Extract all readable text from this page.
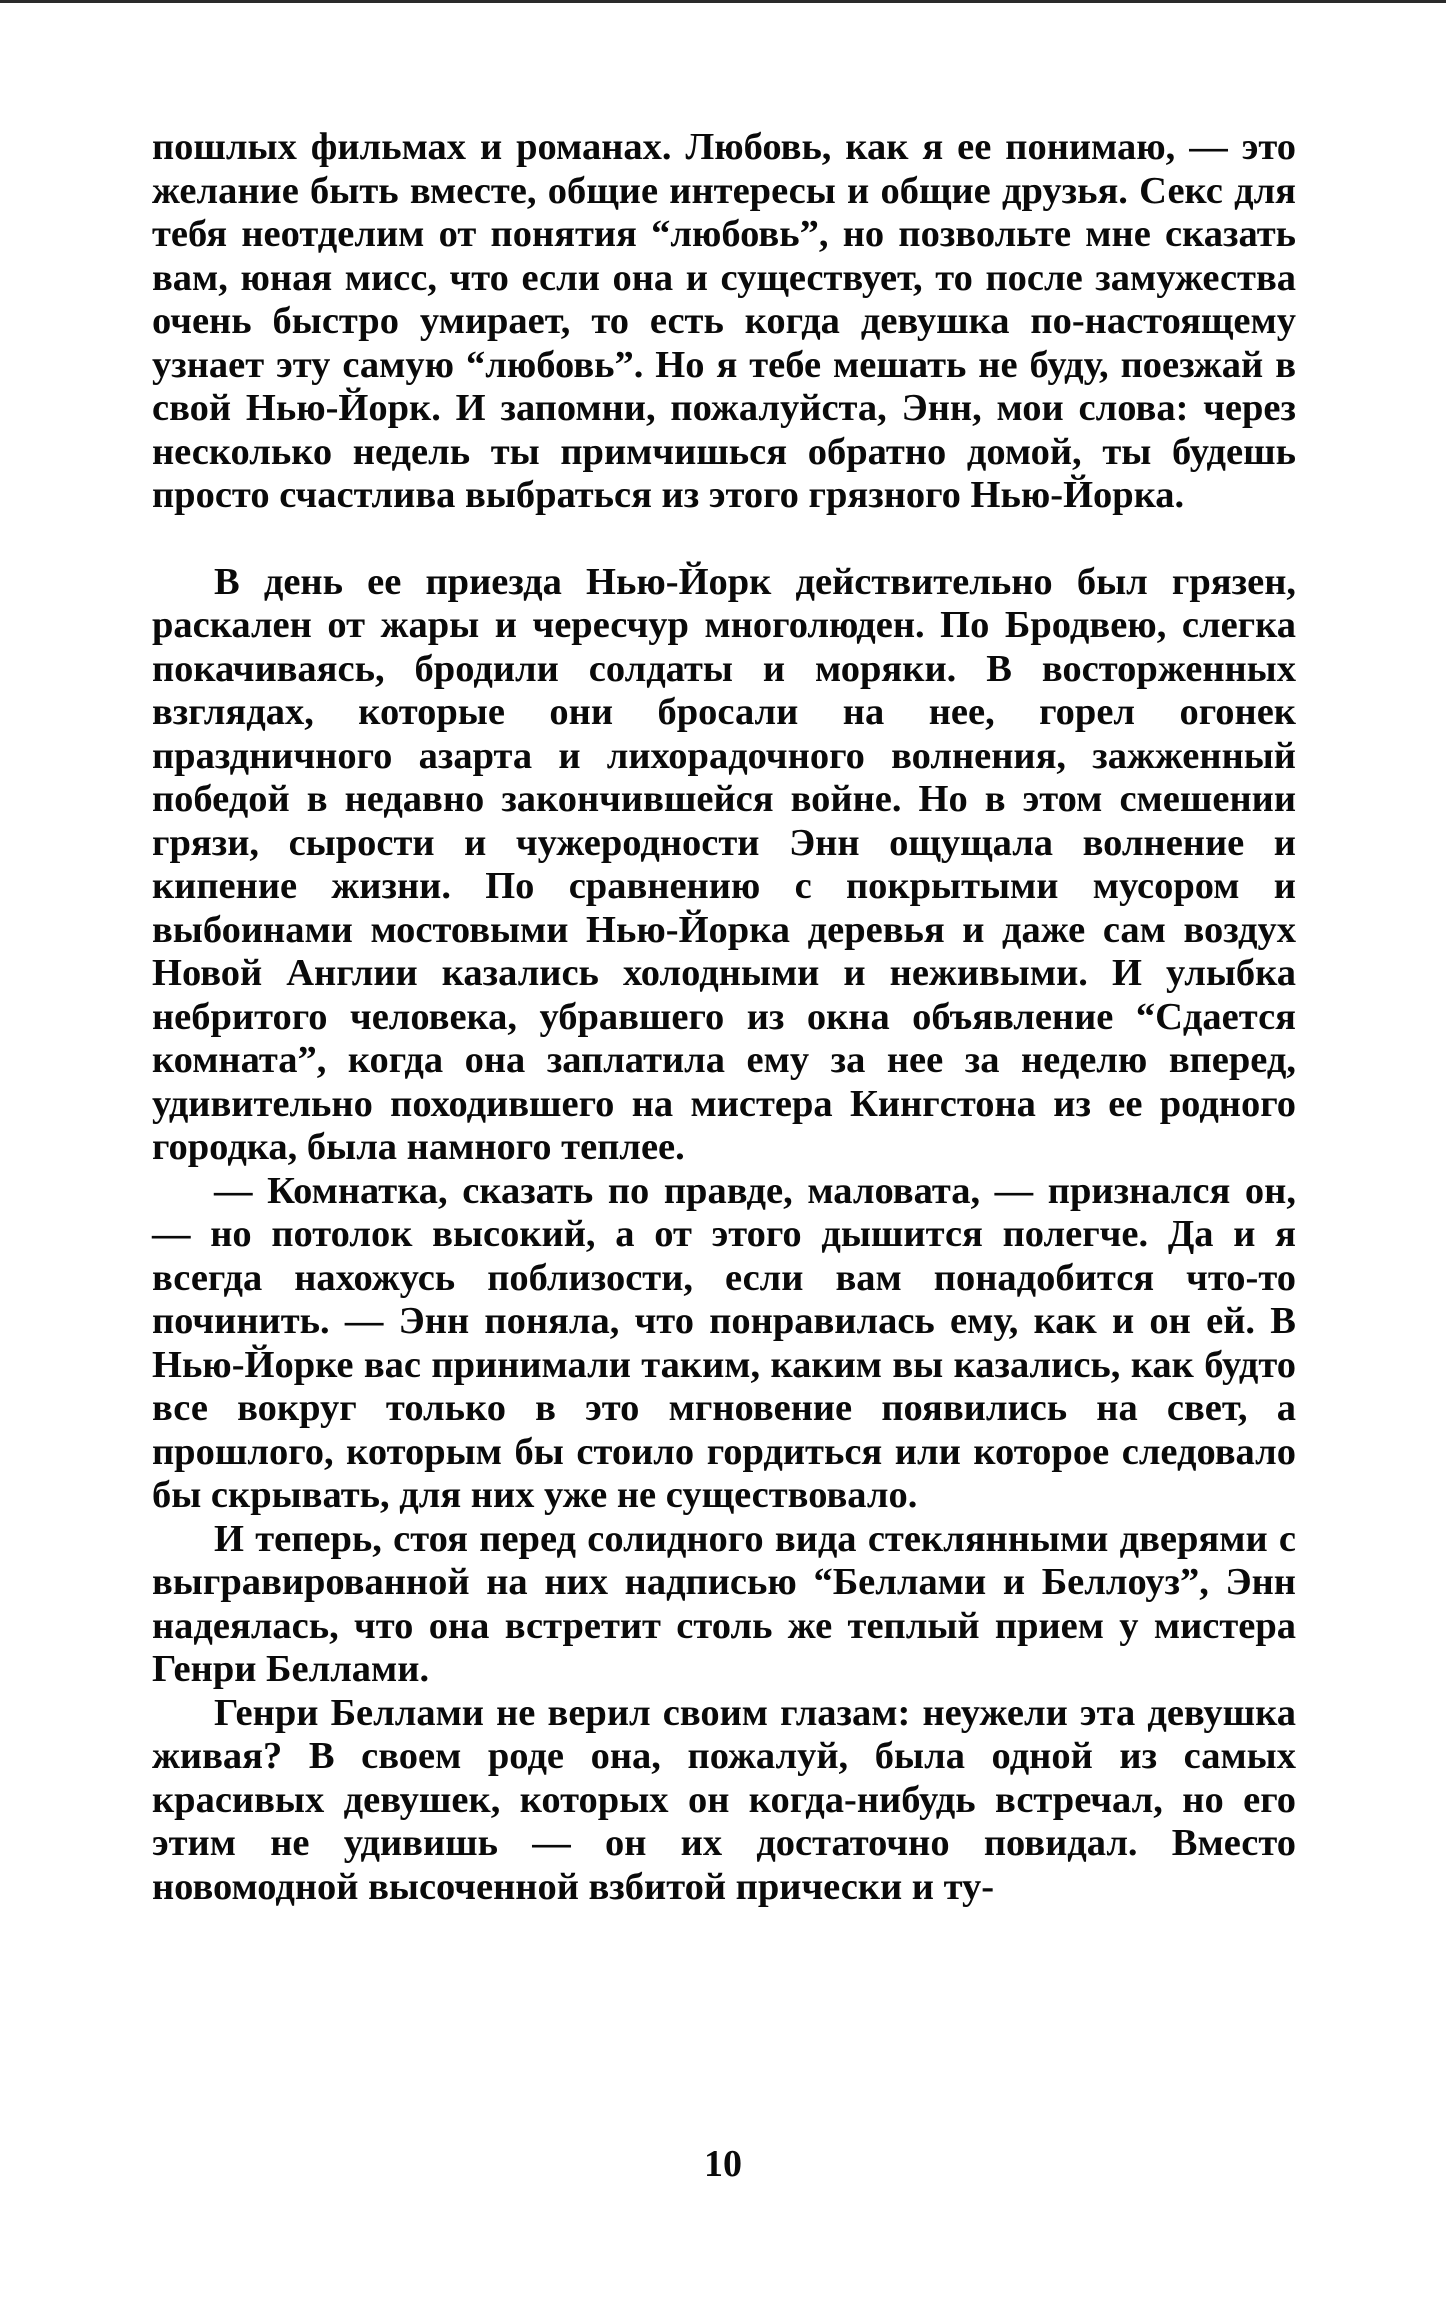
пошлых фильмах и романах. Любовь, как я ее понимаю, — это желание быть вместе, общие интересы и общие друзья. Секс для тебя неотделим от понятия “любовь”, но позвольте мне сказать вам, юная мисс, что если она и существует, то после замужества очень быстро умирает, то есть когда девушка по-настоящему узнает эту самую “любовь”. Но я тебе мешать не буду, поезжай в свой Нью-Йорк. И запомни, пожалуйста, Энн, мои слова: через несколько недель ты примчишься обратно домой, ты будешь просто счастлива выбраться из этого грязного Нью-Йорка.

В день ее приезда Нью-Йорк действительно был грязен, раскален от жары и чересчур многолюден. По Бродвею, слегка покачиваясь, бродили солдаты и моряки. В восторженных взглядах, которые они бросали на нее, горел огонек праздничного азарта и лихорадочного волнения, зажженный победой в недавно закончившейся войне. Но в этом смешении грязи, сырости и чужеродности Энн ощущала волнение и кипение жизни. По сравнению с покрытыми мусором и выбоинами мостовыми Нью-Йорка деревья и даже сам воздух Новой Англии казались холодными и неживыми. И улыбка небритого человека, убравшего из окна объявление “Сдается комната”, когда она заплатила ему за нее за неделю вперед, удивительно походившего на мистера Кингстона из ее родного городка, была намного теплее.

— Комнатка, сказать по правде, маловата, — признался он, — но потолок высокий, а от этого дышится полегче. Да и я всегда нахожусь поблизости, если вам понадобится что-то починить. — Энн поняла, что понравилась ему, как и он ей. В Нью-Йорке вас принимали таким, каким вы казались, как будто все вокруг только в это мгновение появились на свет, а прошлого, которым бы стоило гордиться или которое следовало бы скрывать, для них уже не существовало.

И теперь, стоя перед солидного вида стеклянными дверями с выгравированной на них надписью “Беллами и Беллоуз”, Энн надеялась, что она встретит столь же теплый прием у мистера Генри Беллами.

Генри Беллами не верил своим глазам: неужели эта девушка живая? В своем роде она, пожалуй, была одной из самых красивых девушек, которых он когда-нибудь встречал, но его этим не удивишь — он их достаточно повидал. Вместо новомодной высоченной взбитой прически и ту-

10
